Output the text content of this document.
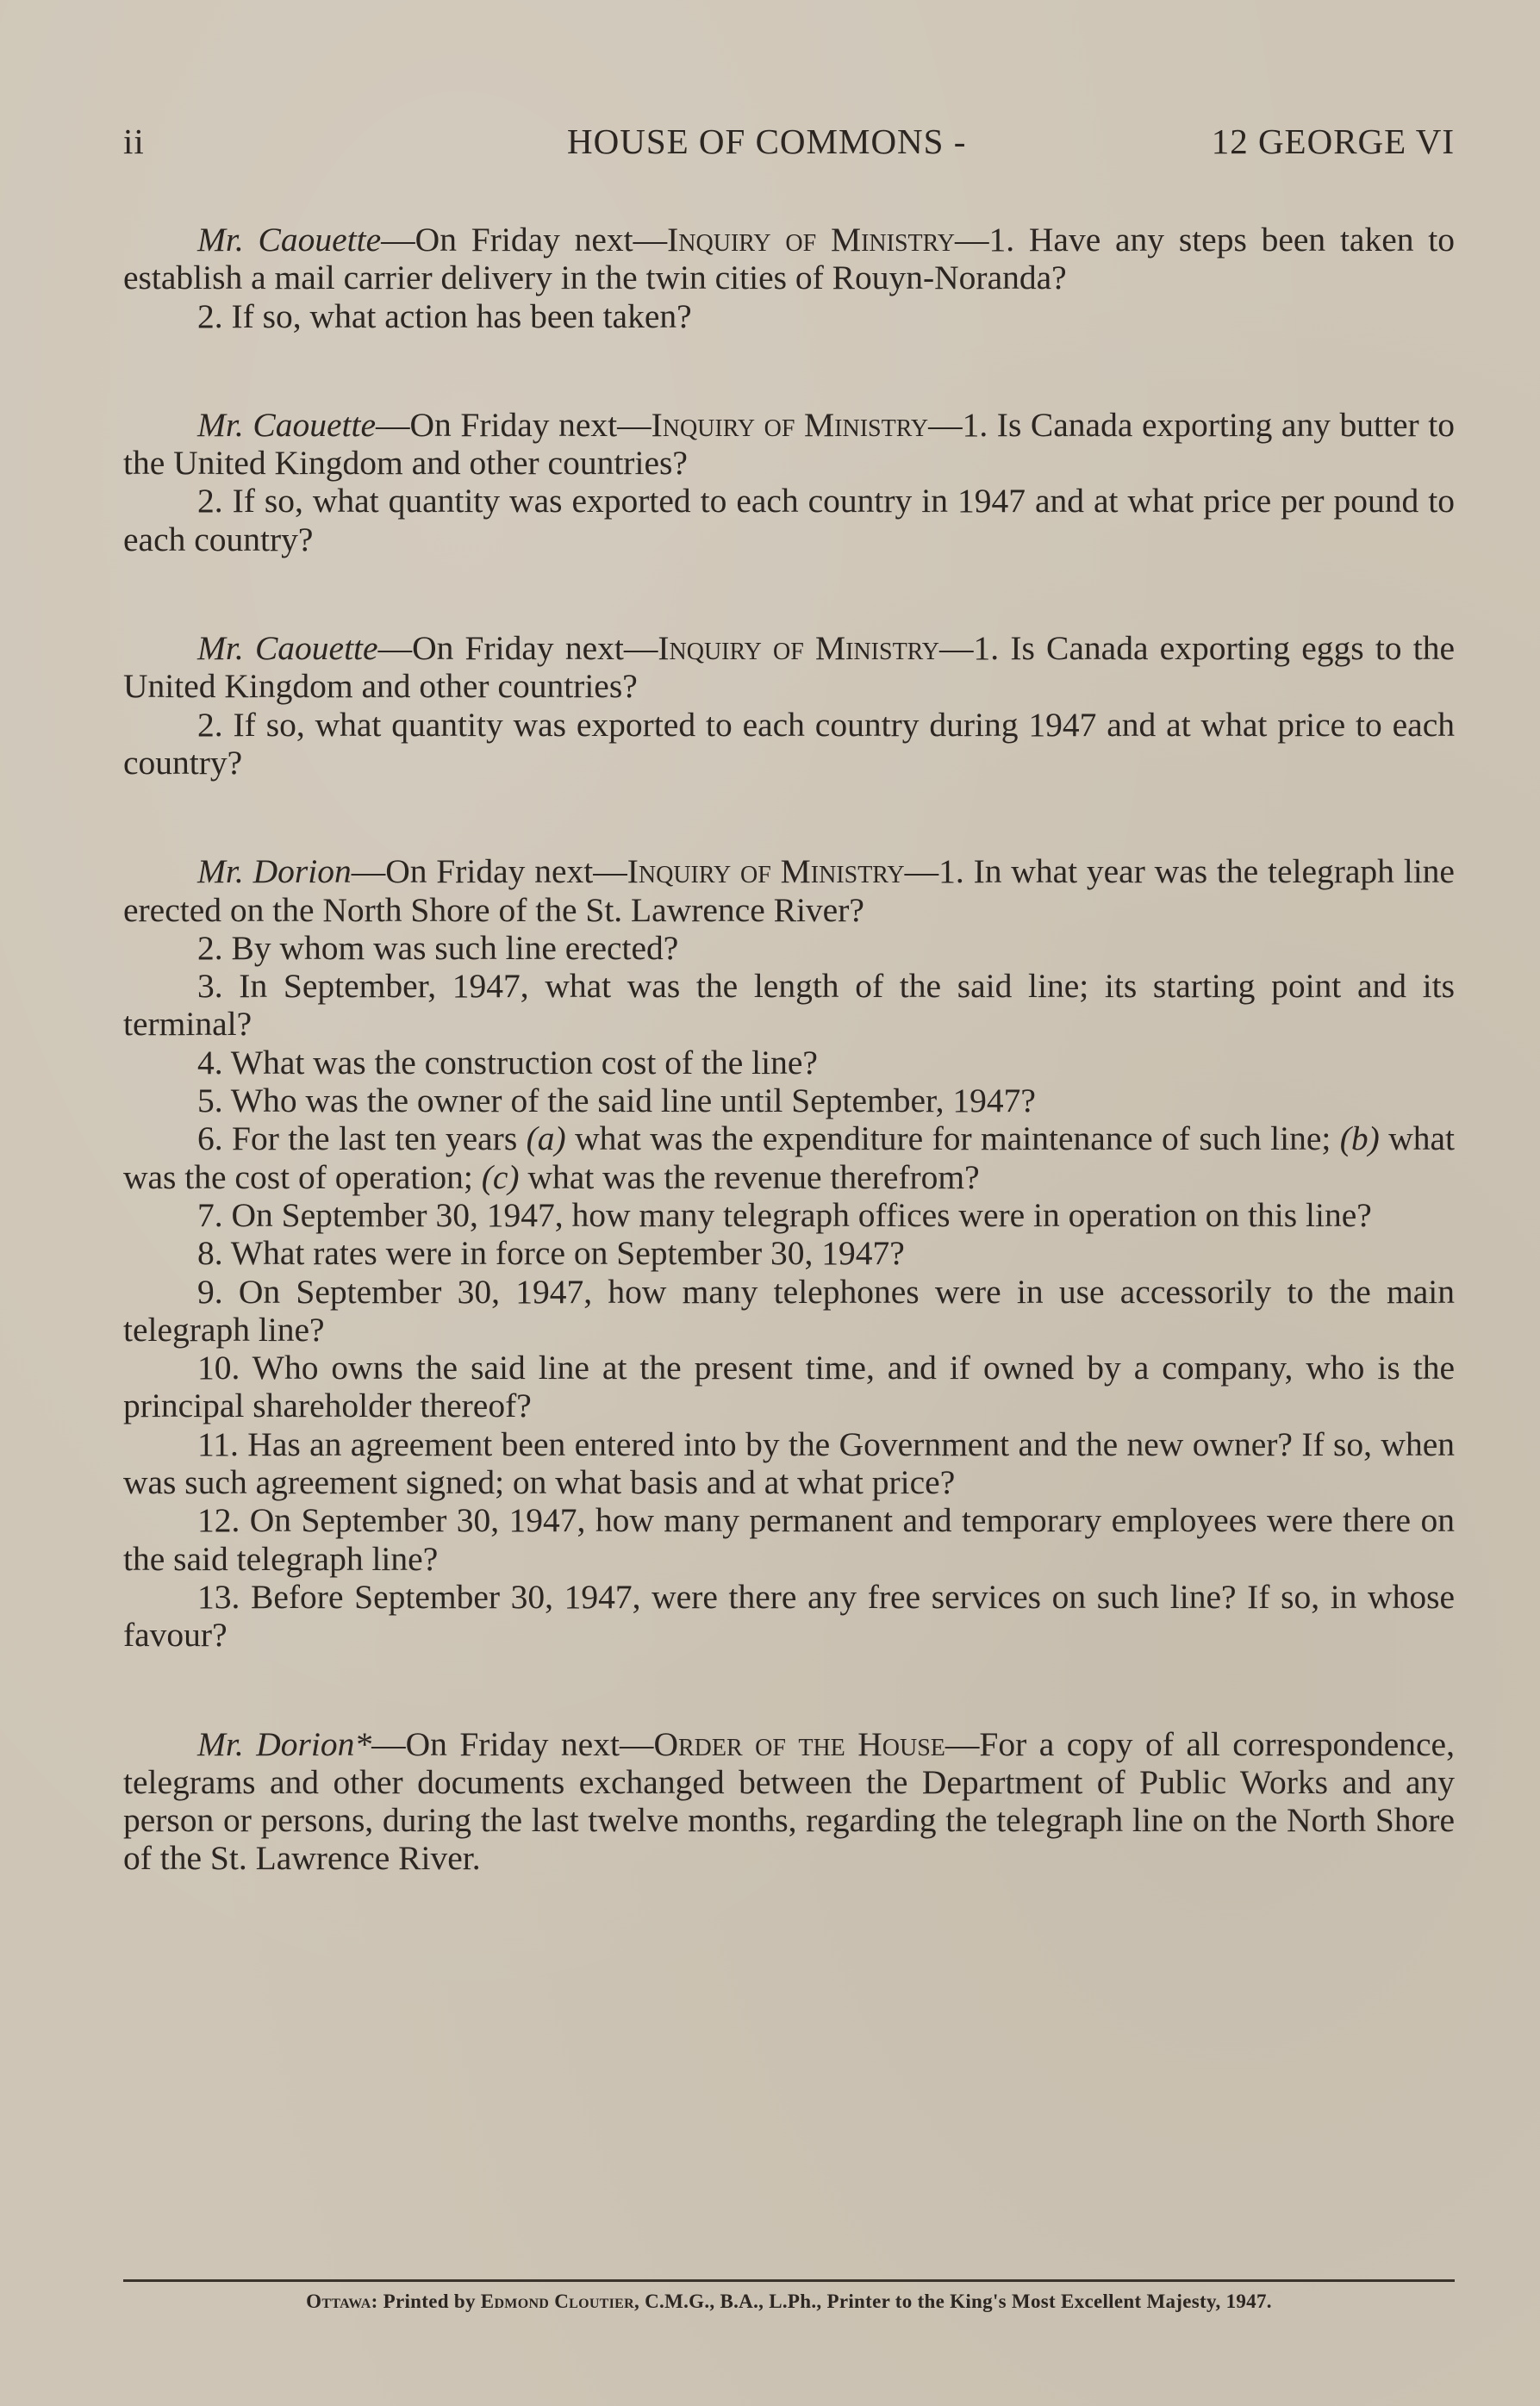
ii	HOUSE OF COMMONS -	12 GEORGE VI

Mr. Caouette—On Friday next—Inquiry of Ministry—1. Have any steps been taken to establish a mail carrier delivery in the twin cities of Rouyn-Noranda?

2. If so, what action has been taken?

Mr. Caouette—On Friday next—Inquiry of Ministry—1. Is Canada exporting any butter to the United Kingdom and other countries?

2. If so, what quantity was exported to each country in 1947 and at what price per pound to each country?

Mr. Caouette—On Friday next—Inquiry of Ministry—1. Is Canada exporting eggs to the United Kingdom and other countries?

2. If so, what quantity was exported to each country during 1947 and at what price to each country?

Mr. Dorion—On Friday next—Inquiry of Ministry—1. In what year was the telegraph line erected on the North Shore of the St. Lawrence River?

2. By whom was such line erected?

3. In September, 1947, what was the length of the said line; its starting point and its terminal?

4. What was the construction cost of the line?

5. Who was the owner of the said line until September, 1947?

6. For the last ten years (a) what was the expenditure for maintenance of such line; (b) what was the cost of operation; (c) what was the revenue therefrom?

7. On September 30, 1947, how many telegraph offices were in operation on this line?

8. What rates were in force on September 30, 1947?

9. On September 30, 1947, how many telephones were in use accessorily to the main telegraph line?

10. Who owns the said line at the present time, and if owned by a company, who is the principal shareholder thereof?

11. Has an agreement been entered into by the Government and the new owner? If so, when was such agreement signed; on what basis and at what price?

12. On September 30, 1947, how many permanent and temporary employees were there on the said telegraph line?

13. Before September 30, 1947, were there any free services on such line? If so, in whose favour?

Mr. Dorion*—On Friday next—Order of the House—For a copy of all correspondence, telegrams and other documents exchanged between the Department of Public Works and any person or persons, during the last twelve months, regarding the telegraph line on the North Shore of the St. Lawrence River.

Ottawa: Printed by Edmond Cloutier, C.M.G., B.A., L.Ph., Printer to the King's Most Excellent Majesty, 1947.
